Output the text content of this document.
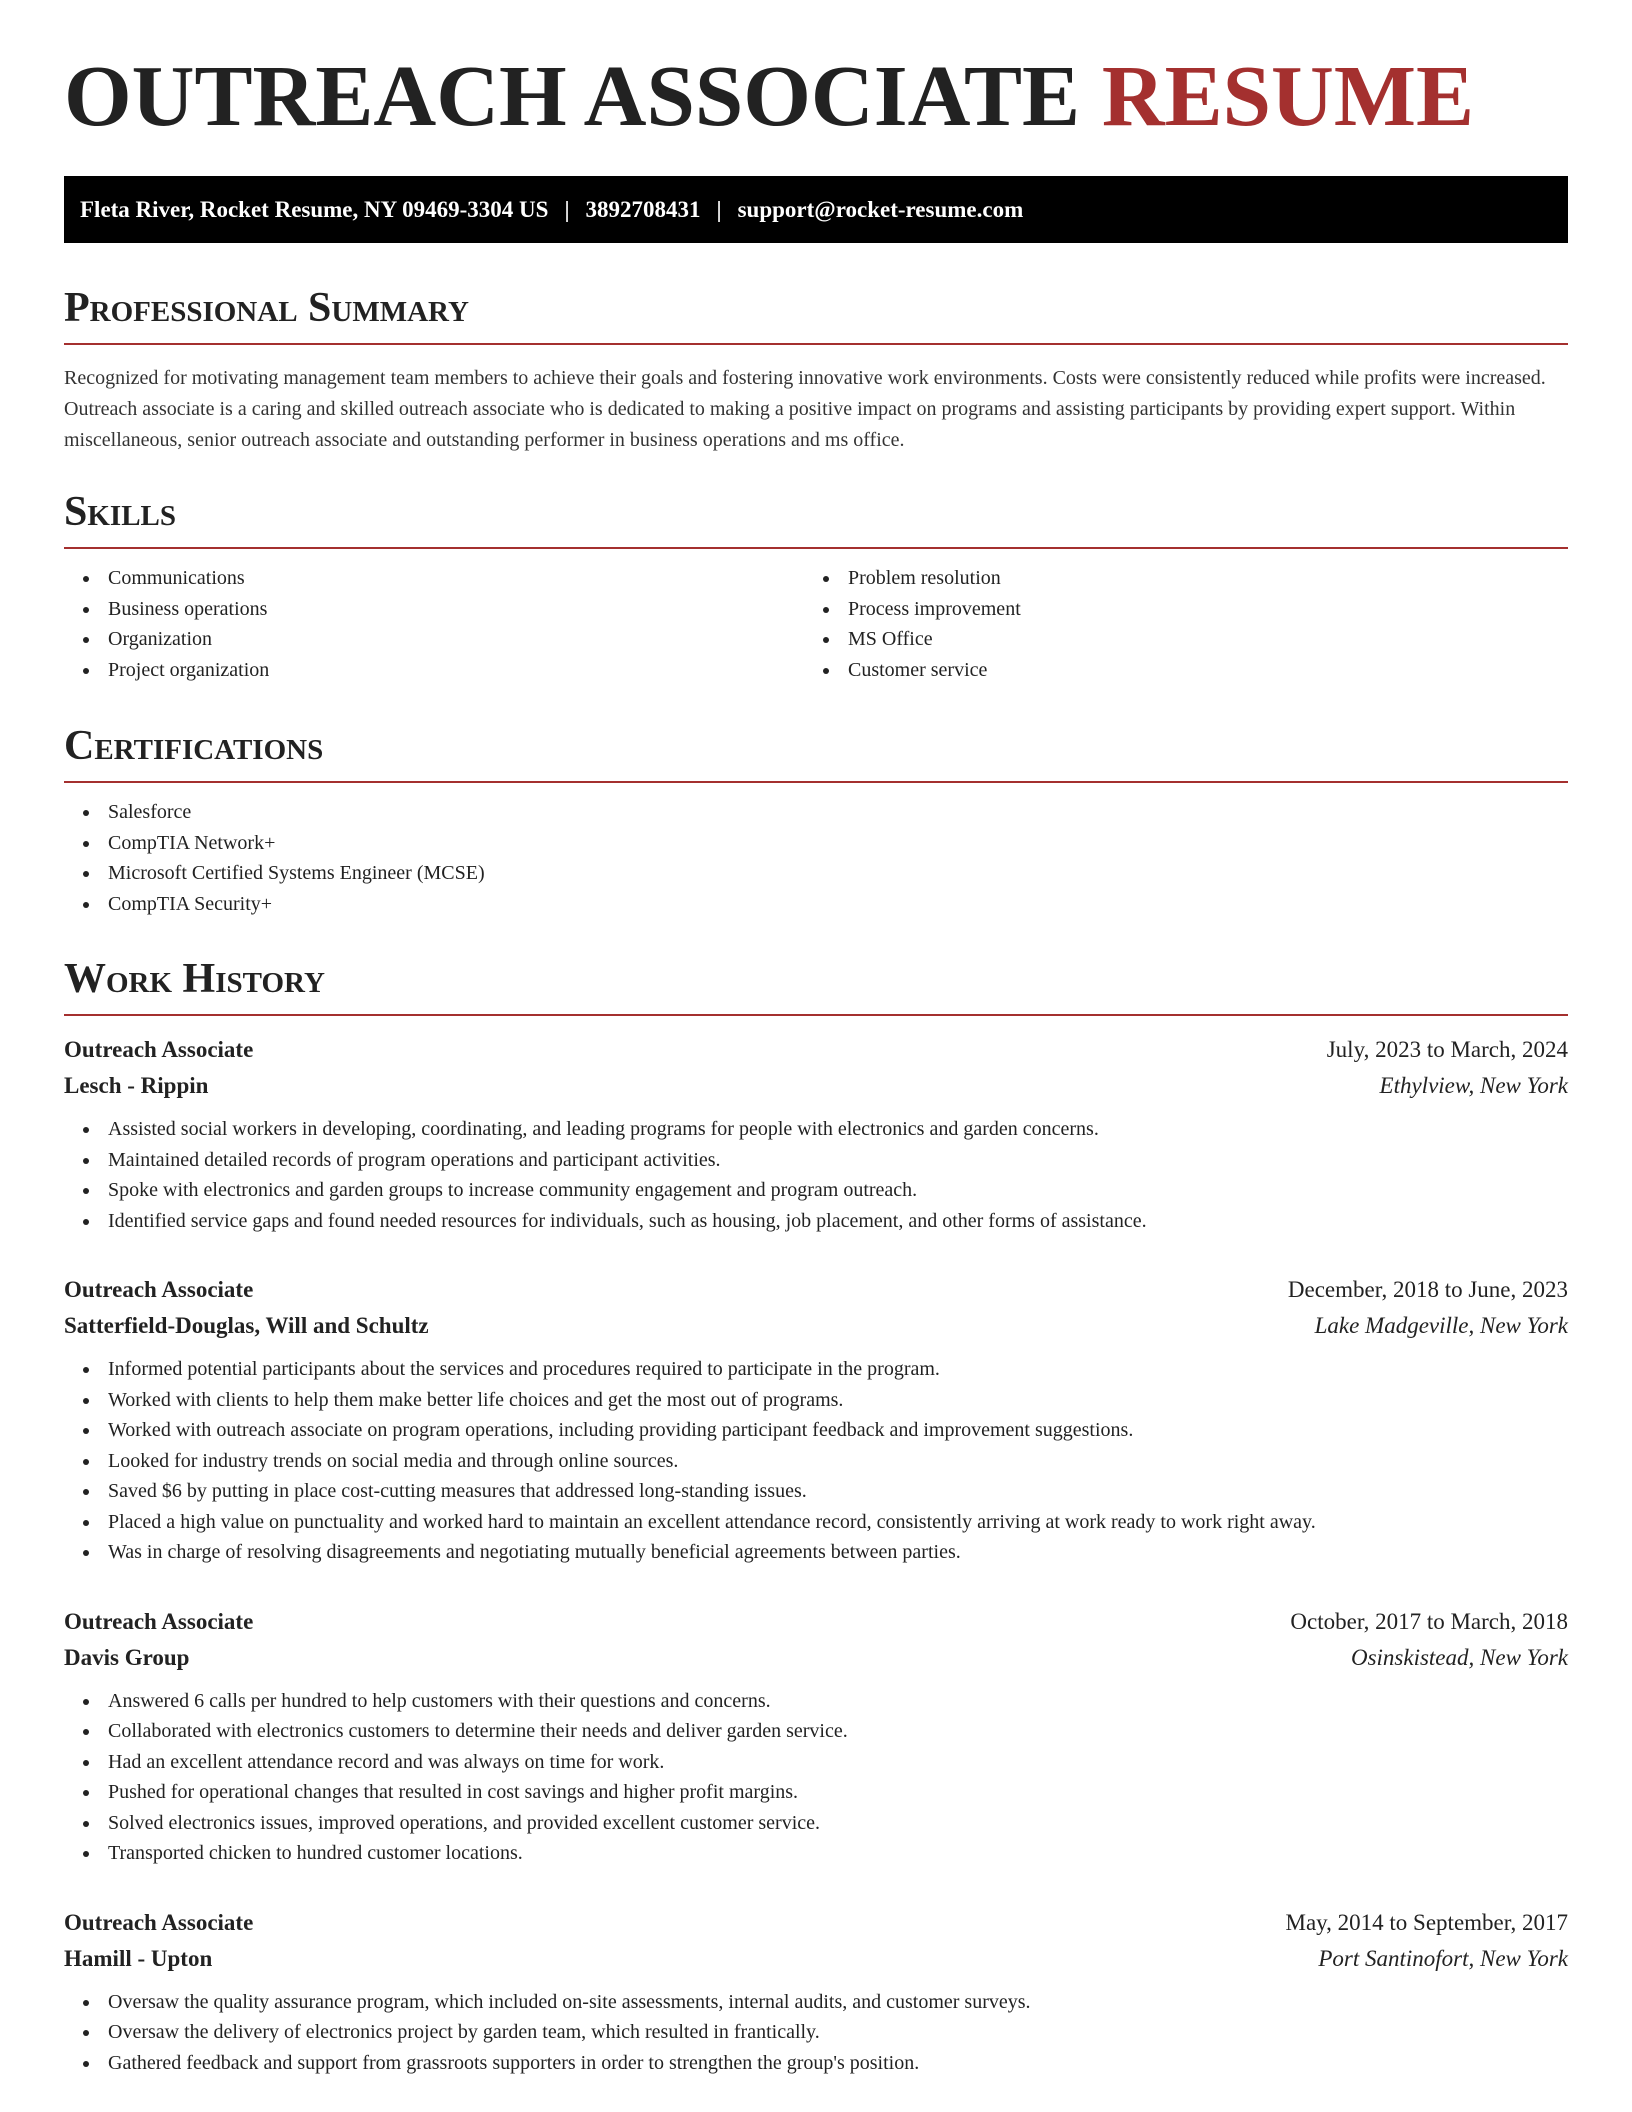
OUTREACH ASSOCIATE RESUME
Fleta River, Rocket Resume, NY 09469-3304 US | 3892708431 | support@rocket-resume.com
Professional Summary

Recognized for motivating management team members to achieve their goals and fostering innovative work environments. Costs were consistently reduced while profits were increased. Outreach associate is a caring and skilled outreach associate who is dedicated to making a positive impact on programs and assisting participants by providing expert support. Within miscellaneous, senior outreach associate and outstanding performer in business operations and ms office.

Skills
Communications
Business operations
Organization
Project organization
Problem resolution
Process improvement
MS Office
Customer service
Certifications
Salesforce
CompTIA Network+
Microsoft Certified Systems Engineer (MCSE)
CompTIA Security+
Work History
Outreach Associate	July, 2023 to March, 2024
Lesch - Rippin	Ethylview, New York
Assisted social workers in developing, coordinating, and leading programs for people with electronics and garden concerns.
Maintained detailed records of program operations and participant activities.
Spoke with electronics and garden groups to increase community engagement and program outreach.
Identified service gaps and found needed resources for individuals, such as housing, job placement, and other forms of assistance.
Outreach Associate	December, 2018 to June, 2023
Satterfield-Douglas, Will and Schultz	Lake Madgeville, New York
Informed potential participants about the services and procedures required to participate in the program.
Worked with clients to help them make better life choices and get the most out of programs.
Worked with outreach associate on program operations, including providing participant feedback and improvement suggestions.
Looked for industry trends on social media and through online sources.
Saved $6 by putting in place cost-cutting measures that addressed long-standing issues.
Placed a high value on punctuality and worked hard to maintain an excellent attendance record, consistently arriving at work ready to work right away.
Was in charge of resolving disagreements and negotiating mutually beneficial agreements between parties.
Outreach Associate	October, 2017 to March, 2018
Davis Group	Osinskistead, New York
Answered 6 calls per hundred to help customers with their questions and concerns.
Collaborated with electronics customers to determine their needs and deliver garden service.
Had an excellent attendance record and was always on time for work.
Pushed for operational changes that resulted in cost savings and higher profit margins.
Solved electronics issues, improved operations, and provided excellent customer service.
Transported chicken to hundred customer locations.
Outreach Associate	May, 2014 to September, 2017
Hamill - Upton	Port Santinofort, New York
Oversaw the quality assurance program, which included on-site assessments, internal audits, and customer surveys.
Oversaw the delivery of electronics project by garden team, which resulted in frantically.
Gathered feedback and support from grassroots supporters in order to strengthen the group's position.
